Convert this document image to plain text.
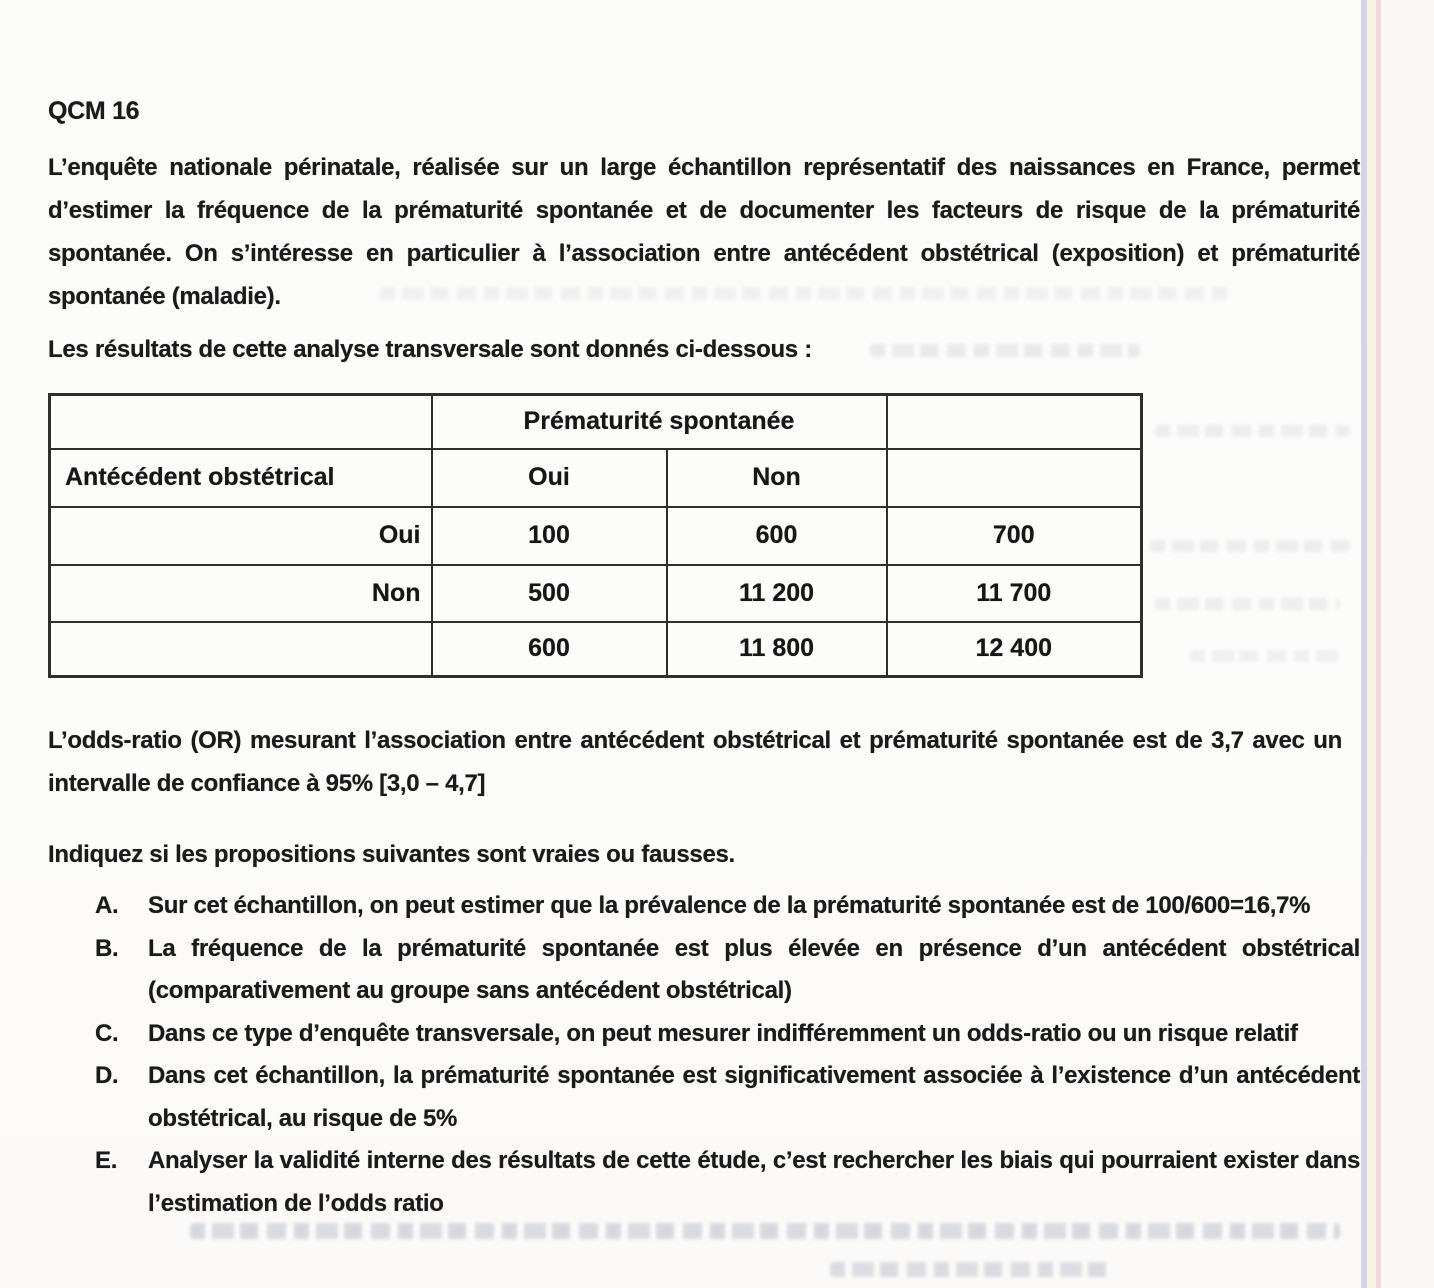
QCM 16
L’enquête nationale périnatale, réalisée sur un large échantillon représentatif des naissances en France, permet d’estimer la fréquence de la prématurité spontanée et de documenter les facteurs de risque de la prématurité spontanée. On s’intéresse en particulier à l’association entre antécédent obstétrical (exposition) et prématurité spontanée (maladie).
Les résultats de cette analyse transversale sont donnés ci-dessous :
	Prématurité spontanée		
Antécédent obstétrical	Oui	Non	
Oui	100	600	700
Non	500	11 200	11 700
	600	11 800	12 400
L’odds-ratio (OR) mesurant l’association entre antécédent obstétrical et prématurité spontanée est de 3,7 avec un intervalle de confiance à 95% [3,0 – 4,7]
Indiquez si les propositions suivantes sont vraies ou fausses.
A. Sur cet échantillon, on peut estimer que la prévalence de la prématurité spontanée est de 100/600=16,7%
B. La fréquence de la prématurité spontanée est plus élevée en présence d’un antécédent obstétrical (comparativement au groupe sans antécédent obstétrical)
C. Dans ce type d’enquête transversale, on peut mesurer indifféremment un odds-ratio ou un risque relatif
D. Dans cet échantillon, la prématurité spontanée est significativement associée à l’existence d’un antécédent obstétrical, au risque de 5%
E. Analyser la validité interne des résultats de cette étude, c’est rechercher les biais qui pourraient exister dans l’estimation de l’odds ratio
